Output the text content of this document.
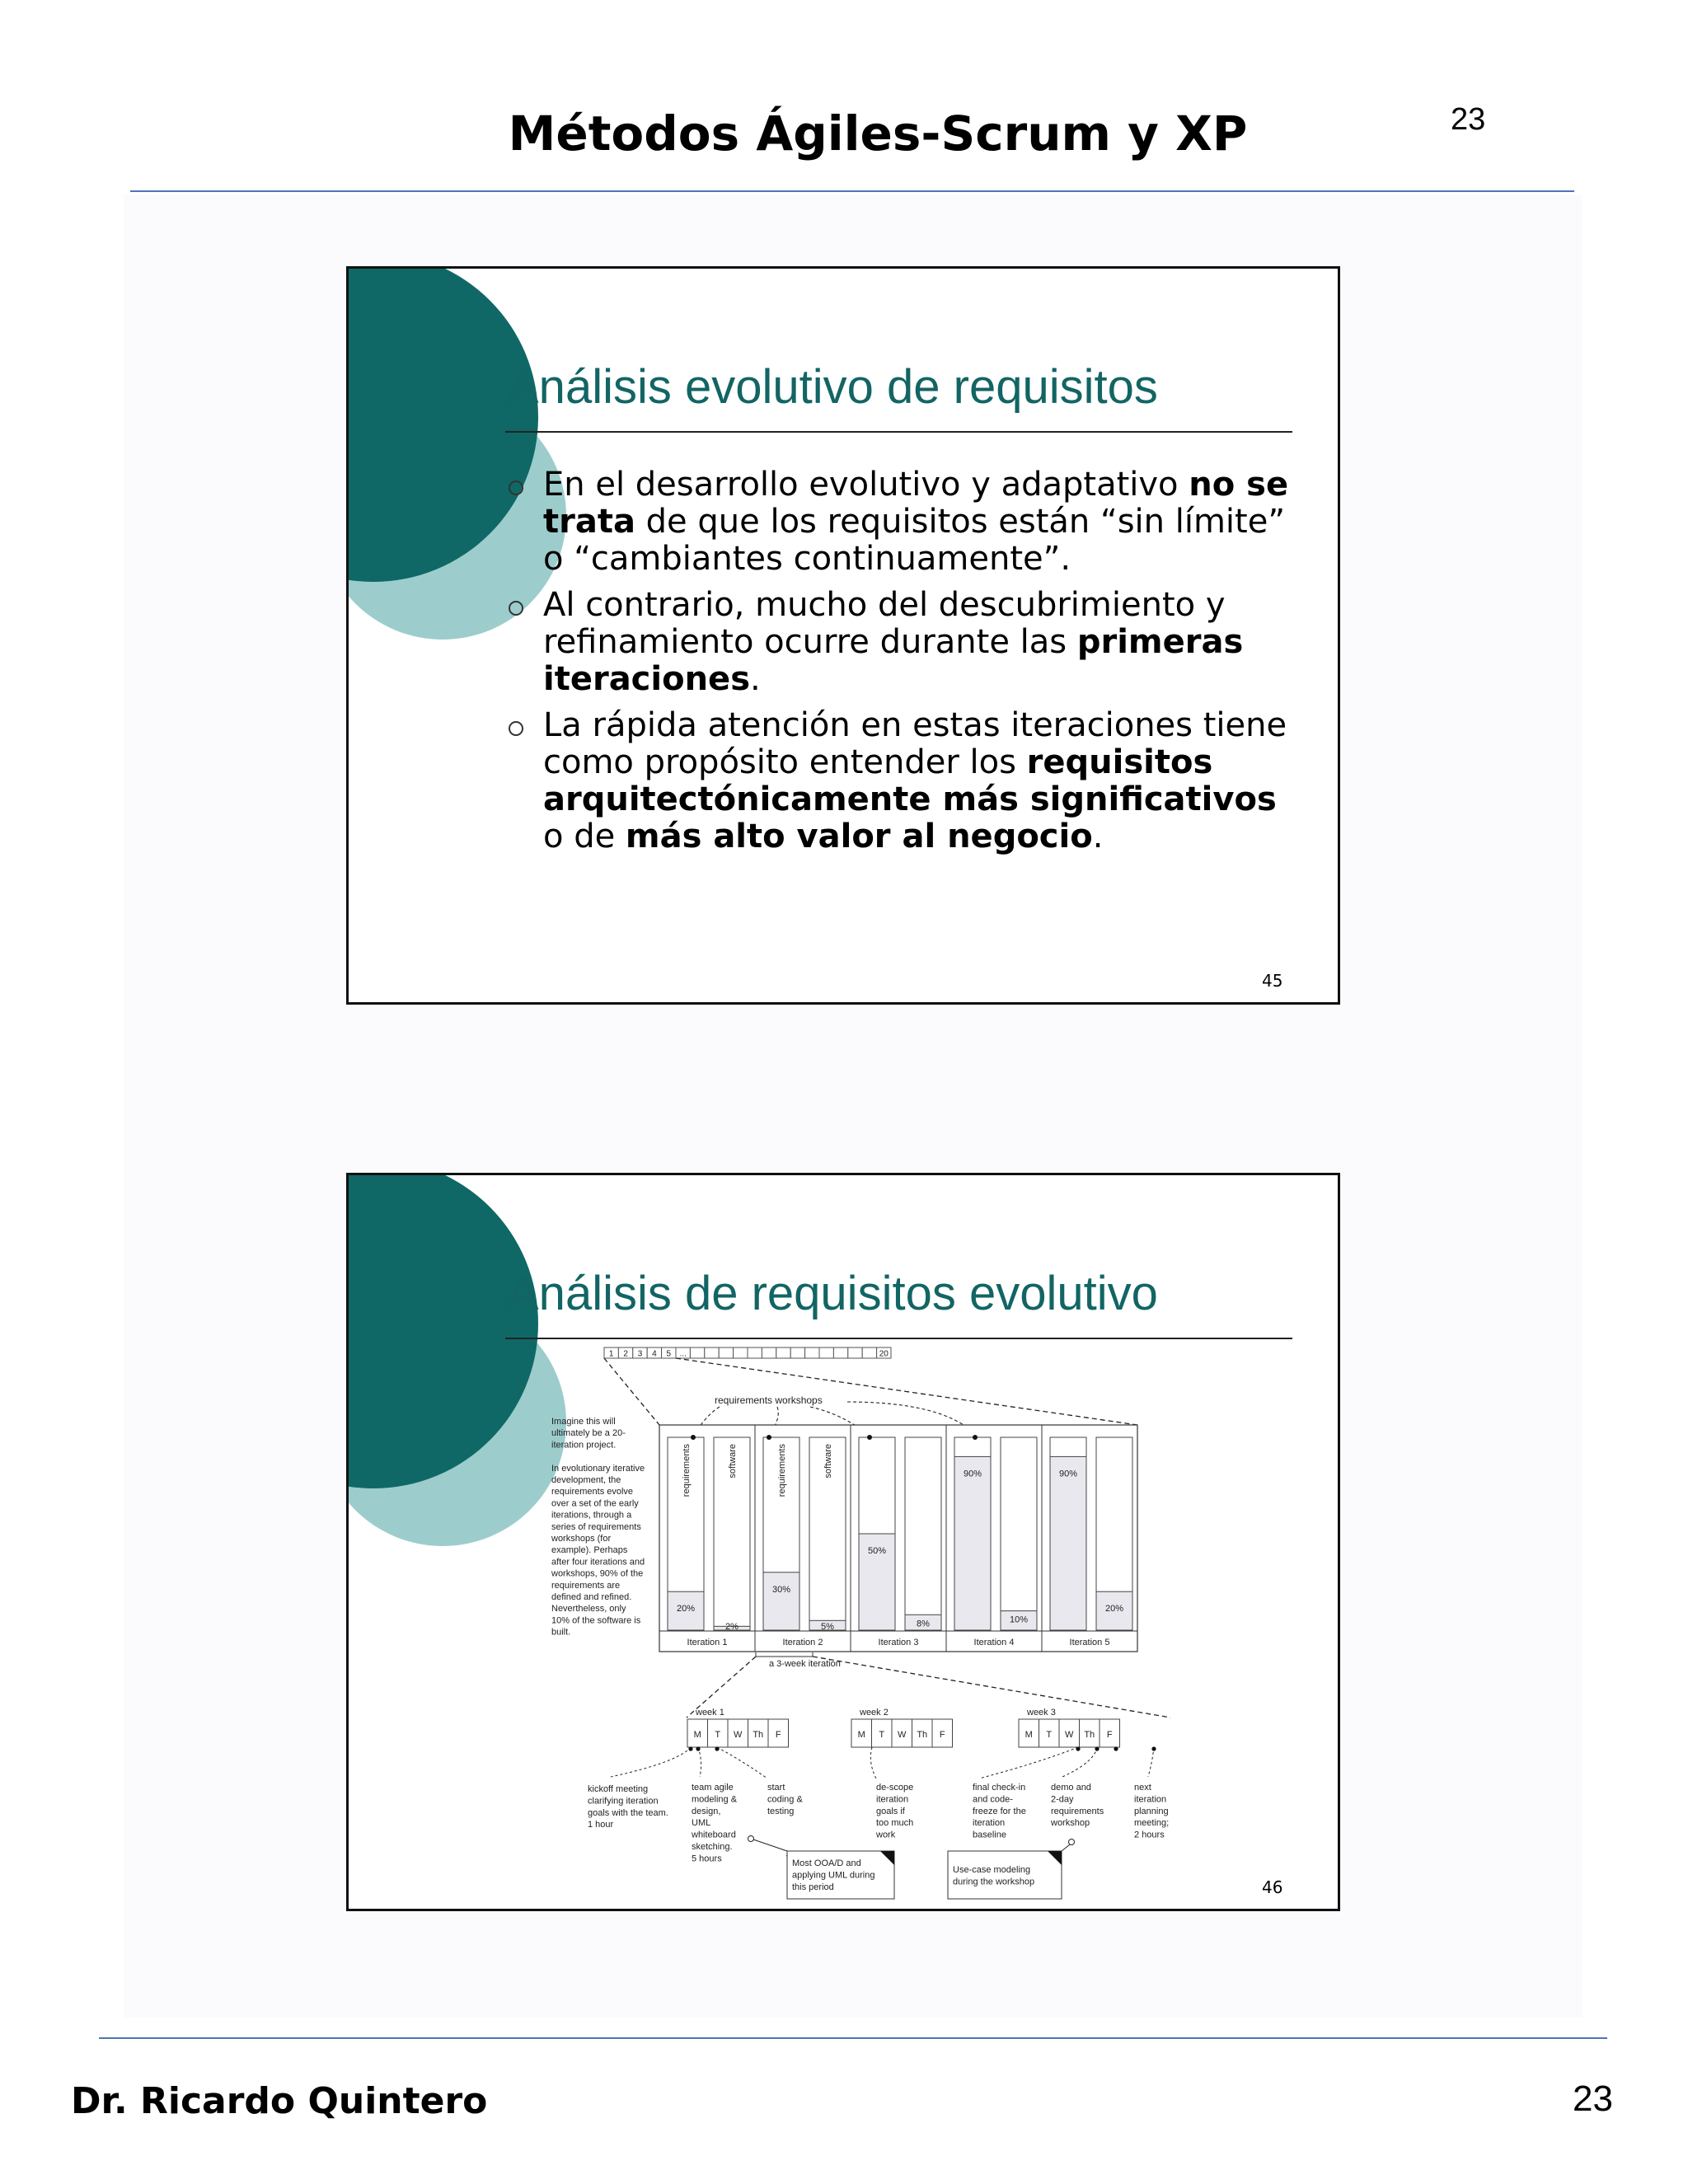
Métodos Ágiles-Scrum y XP	23
Análisis evolutivo de requisitos
En el desarrollo evolutivo y adaptativo no se trata de que los requisitos están “sin límite” o “cambiantes continuamente”.
Al contrario, mucho del descubrimiento y refinamiento ocurre durante las primeras iteraciones.
La rápida atención en estas iteraciones tiene como propósito entender los requisitos arquitectónicamente más significativos o de más alto valor al negocio.
45
Análisis de requisitos evolutivo
1 2 3 4 5 ...	20
requirements workshops
Imagine this will
ultimately be a 20-
iteration project.
In evolutionary iterative
development, the
requirements evolve
over a set of the early
iterations, through a
series of requirements
workshops (for
example). Perhaps
after four iterations and
workshops, 90% of the
requirements are
defined and refined.
Nevertheless, only
10% of the software is
built.
20%
requirements
2%
software
Iteration 1
30%
requirements
5%
software
Iteration 2
50%
8%
Iteration 3
90%
10%
Iteration 4
90%
20%
Iteration 5
a 3-week iteration
week 1
M T W Th F
week 2
M T W Th F
week 3
M T W Th F
kickoff meeting
clarifying iteration
goals with the team.
1 hour
team agile
modeling &
design,
UML
whiteboard
sketching.
5 hours
start
coding &
testing
de-scope
iteration
goals if
too much
work
final check-in
and code-
freeze for the
iteration
baseline
demo and
2-day
requirements
workshop
next
iteration
planning
meeting;
2 hours
Most OOA/D and
applying UML during
this period
Use-case modeling
during the workshop	46
Dr. Ricardo Quintero	23
